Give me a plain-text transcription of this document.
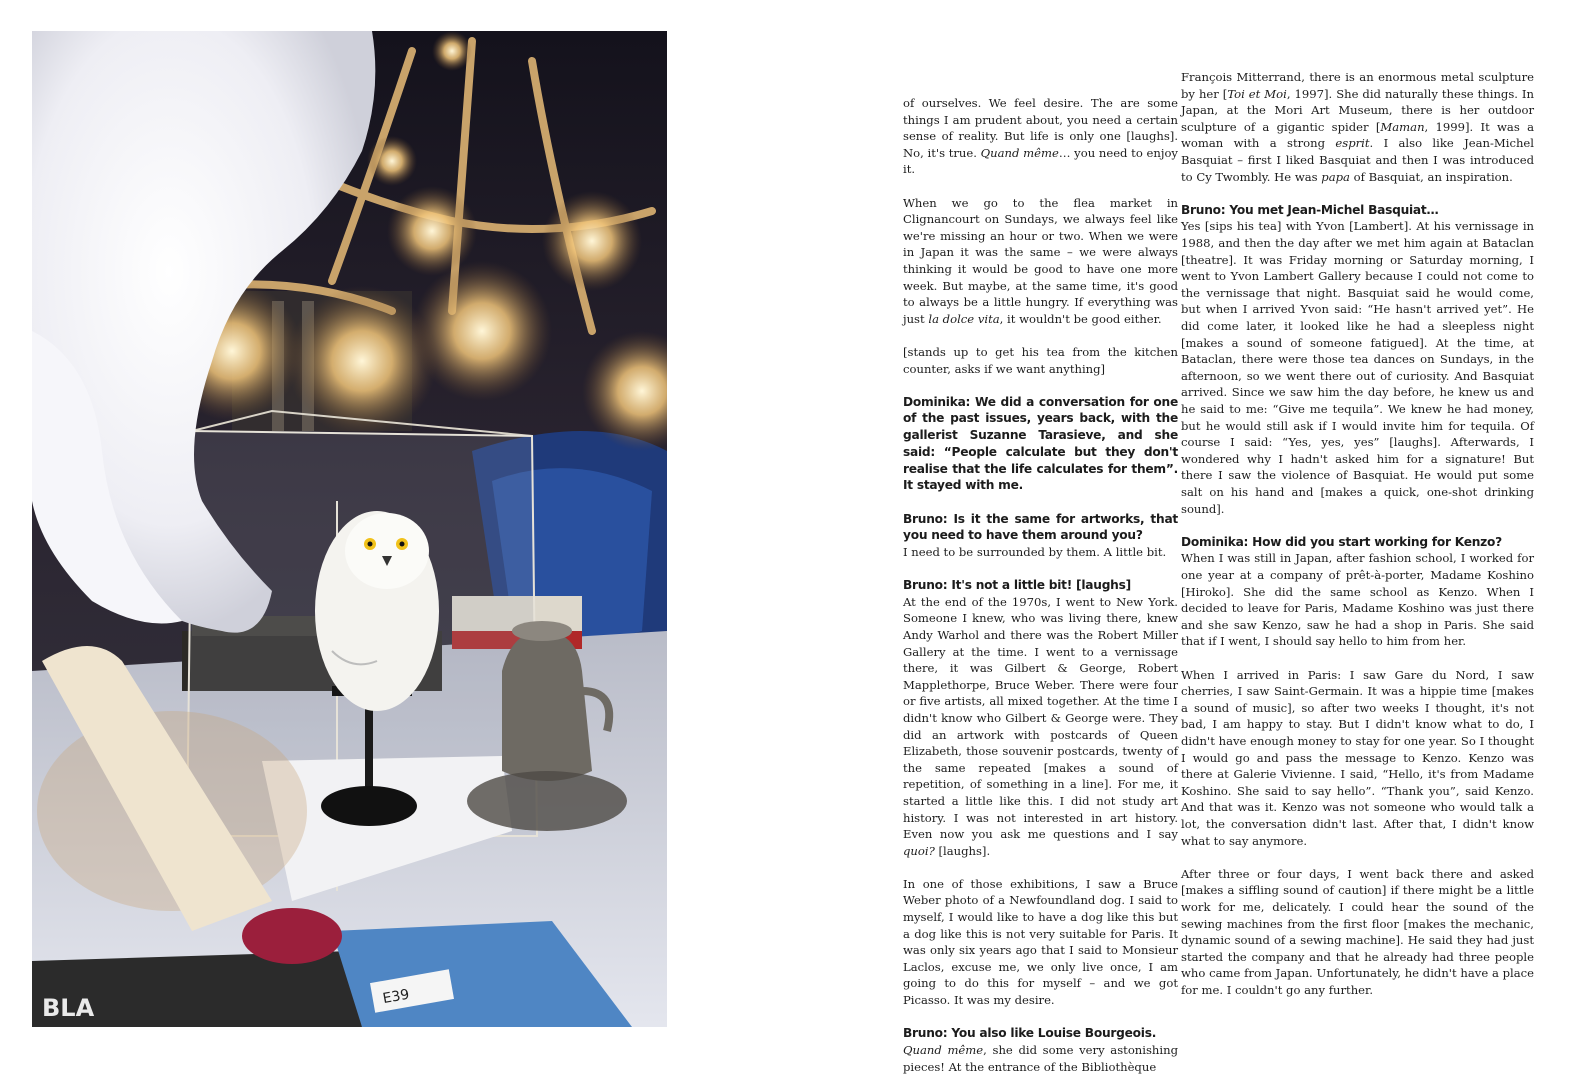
E39
BLA

of ourselves. We feel desire. The are some things I am prudent about, you need a certain sense of reality. But life is only one [laughs]. No, it's true. Quand même… you need to enjoy it.

When we go to the flea market in Clignancourt on Sundays, we always feel like we're missing an hour or two. When we were in Japan it was the same – we were always thinking it would be good to have one more week. But maybe, at the same time, it's good to always be a little hungry. If everything was just la dolce vita, it wouldn't be good either.

[stands up to get his tea from the kitchen counter, asks if we want anything]

Dominika: We did a conversation for one of the past issues, years back, with the gallerist Suzanne Tarasieve, and she said: “People calculate but they don't realise that the life calculates for them”. It stayed with me.
Bruno: Is it the same for artworks, that you need to have them around you?

I need to be surrounded by them. A little bit.

Bruno: It's not a little bit! [laughs]

At the end of the 1970s, I went to New York. Someone I knew, who was living there, knew Andy Warhol and there was the Robert Miller Gallery at the time. I went to a vernissage there, it was Gilbert & George, Robert Mapplethorpe, Bruce Weber. There were four or five artists, all mixed together. At the time I didn't know who Gilbert & George were. They did an artwork with postcards of Queen Elizabeth, those souvenir postcards, twenty of the same repeated [makes a sound of repetition, of something in a line]. For me, it started a little like this. I did not study art history. I was not interested in art history. Even now you ask me questions and I say quoi? [laughs].

In one of those exhibitions, I saw a Bruce Weber photo of a Newfoundland dog. I said to myself, I would like to have a dog like this but a dog like this is not very suitable for Paris. It was only six years ago that I said to Monsieur Laclos, excuse me, we only live once, I am going to do this for myself – and we got Picasso. It was my desire.

Bruno: You also like Louise Bourgeois.

Quand même, she did some very astonishing pieces! At the entrance of the Bibliothèque

François Mitterrand, there is an enormous metal sculpture by her [Toi et Moi, 1997]. She did naturally these things. In Japan, at the Mori Art Museum, there is her outdoor sculpture of a gigantic spider [Maman, 1999]. It was a woman with a strong esprit. I also like Jean-Michel Basquiat – first I liked Basquiat and then I was introduced to Cy Twombly. He was papa of Basquiat, an inspiration.

Bruno: You met Jean-Michel Basquiat…

Yes [sips his tea] with Yvon [Lambert]. At his vernissage in 1988, and then the day after we met him again at Bataclan [theatre]. It was Friday morning or Saturday morning, I went to Yvon Lambert Gallery because I could not come to the vernissage that night. Basquiat said he would come, but when I arrived Yvon said: “He hasn't arrived yet”. He did come later, it looked like he had a sleepless night [makes a sound of someone fatigued]. At the time, at Bataclan, there were those tea dances on Sundays, in the afternoon, so we went there out of curiosity. And Basquiat arrived. Since we saw him the day before, he knew us and he said to me: “Give me tequila”. We knew he had money, but he would still ask if I would invite him for tequila. Of course I said: “Yes, yes, yes” [laughs]. Afterwards, I wondered why I hadn't asked him for a signature! But there I saw the violence of Basquiat. He would put some salt on his hand and [makes a quick, one-shot drinking sound].

Dominika: How did you start working for Kenzo?

When I was still in Japan, after fashion school, I worked for one year at a company of prêt-à-porter, Madame Koshino [Hiroko]. She did the same school as Kenzo. When I decided to leave for Paris, Madame Koshino was just there and she saw Kenzo, saw he had a shop in Paris. She said that if I went, I should say hello to him from her.

When I arrived in Paris: I saw Gare du Nord, I saw cherries, I saw Saint-Germain. It was a hippie time [makes a sound of music], so after two weeks I thought, it's not bad, I am happy to stay. But I didn't know what to do, I didn't have enough money to stay for one year. So I thought I would go and pass the message to Kenzo. Kenzo was there at Galerie Vivienne. I said, “Hello, it's from Madame Koshino. She said to say hello”. “Thank you”, said Kenzo. And that was it. Kenzo was not someone who would talk a lot, the conversation didn't last. After that, I didn't know what to say anymore.

After three or four days, I went back there and asked [makes a siffling sound of caution] if there might be a little work for me, delicately. I could hear the sound of the sewing machines from the first floor [makes the mechanic, dynamic sound of a sewing machine]. He said they had just started the company and that he already had three people who came from Japan. Unfortunately, he didn't have a place for me. I couldn't go any further.
